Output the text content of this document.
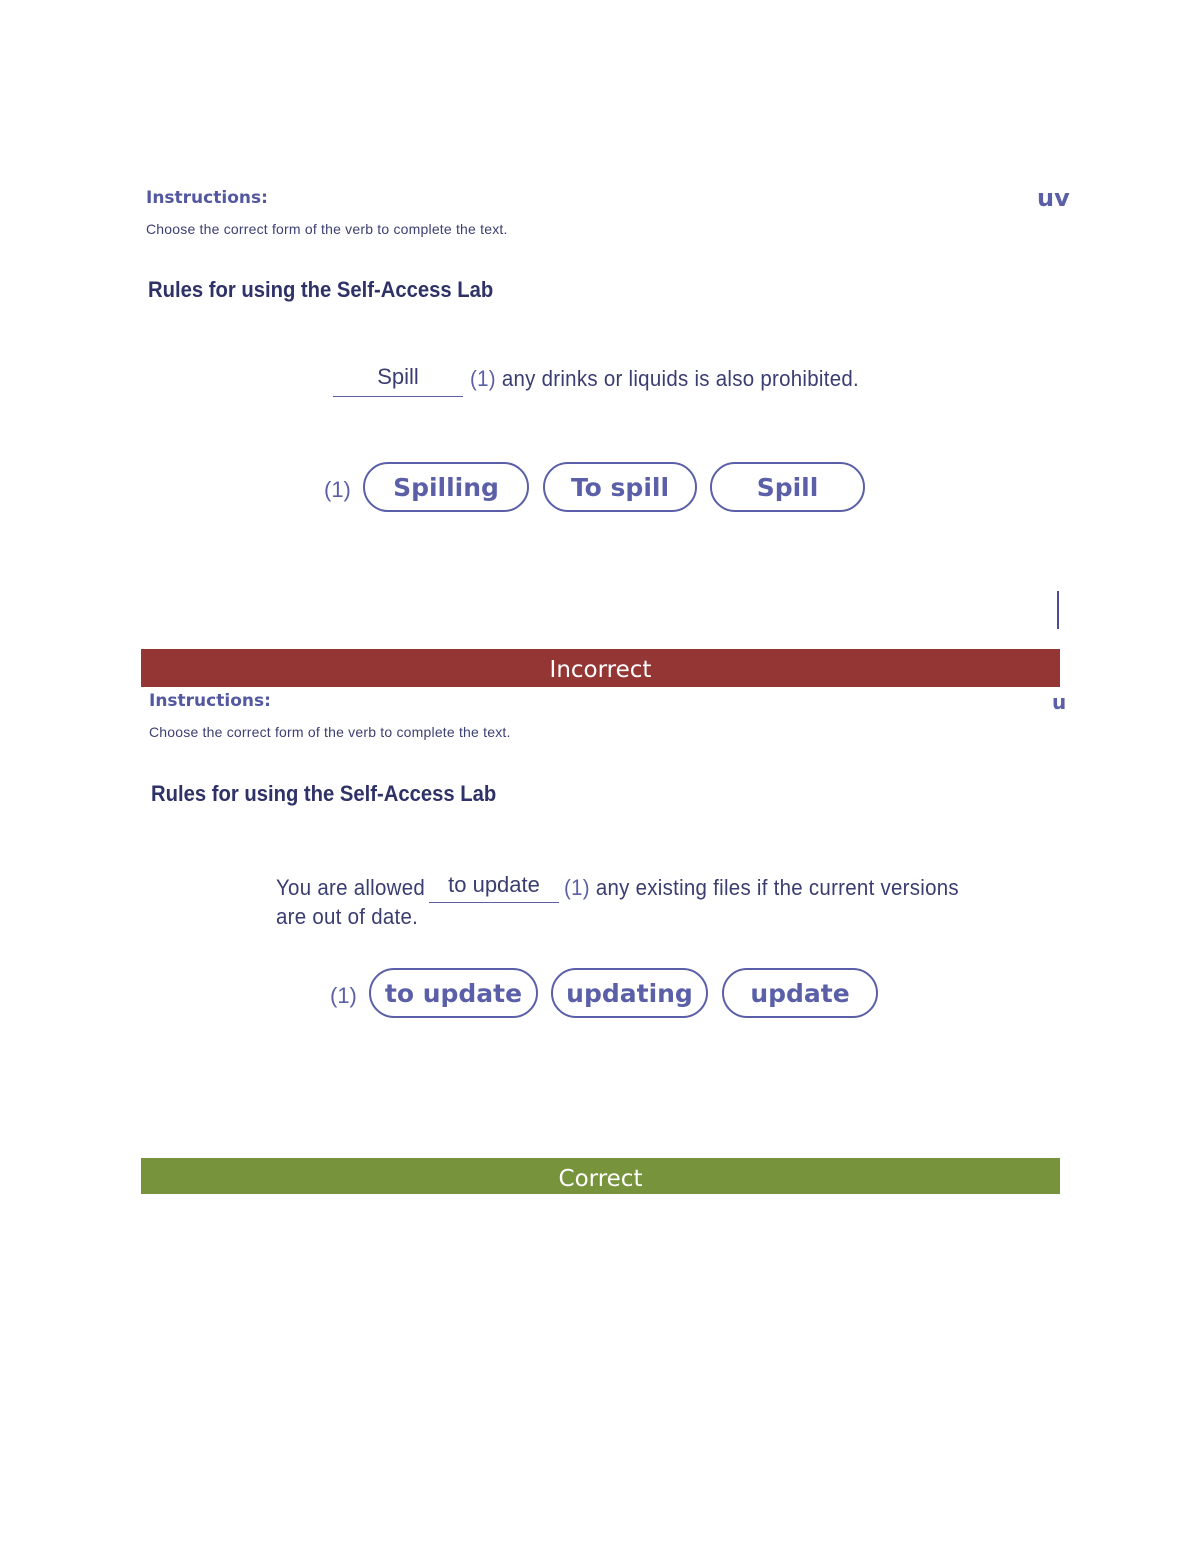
Instructions:
Choose the correct form of the verb to complete the text.
uv
Rules for using the Self-Access Lab
Spill	(1) any drinks or liquids is also prohibited.
(1)	Spilling	To spill	Spill
Incorrect
Instructions:
Choose the correct form of the verb to complete the text.
u
Rules for using the Self-Access Lab
You are allowed	to update	(1) any existing files if the current versions
are out of date.
(1)	to update	updating	update
Correct
